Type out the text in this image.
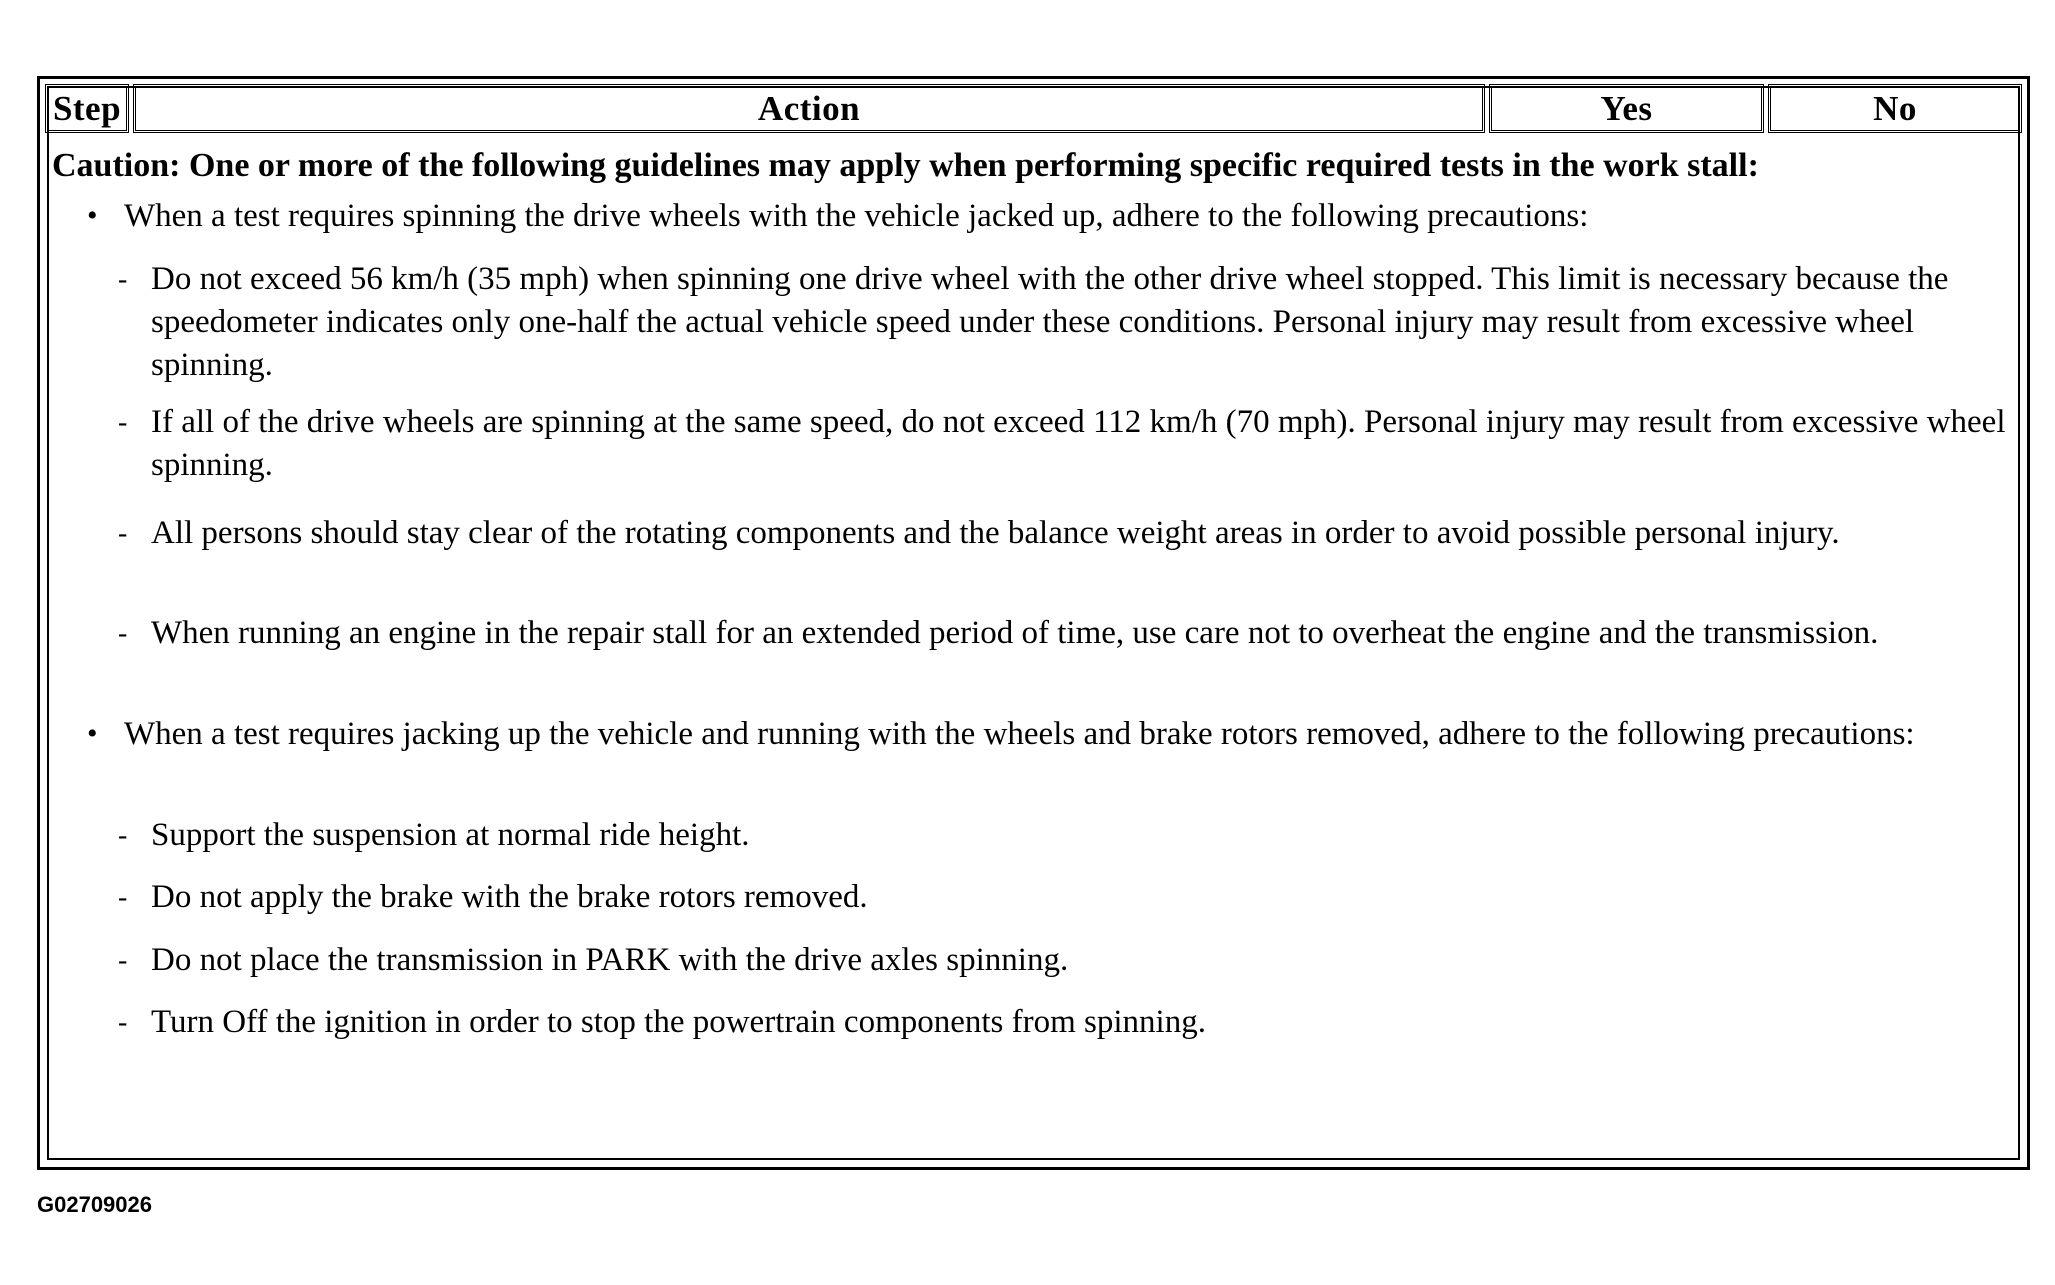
Step	Action	Yes	No

Caution: One or more of the following guidelines may apply when performing specific required tests in the work stall:

• When a test requires spinning the drive wheels with the vehicle jacked up, adhere to the following precautions:
- Do not exceed 56 km/h (35 mph) when spinning one drive wheel with the other drive wheel stopped. This limit is necessary because the speedometer indicates only one-half the actual vehicle speed under these conditions. Personal injury may result from excessive wheel spinning.
- If all of the drive wheels are spinning at the same speed, do not exceed 112 km/h (70 mph). Personal injury may result from excessive wheel spinning.
- All persons should stay clear of the rotating components and the balance weight areas in order to avoid possible personal injury.
- When running an engine in the repair stall for an extended period of time, use care not to overheat the engine and the transmission.
• When a test requires jacking up the vehicle and running with the wheels and brake rotors removed, adhere to the following precautions:
- Support the suspension at normal ride height.
- Do not apply the brake with the brake rotors removed.
- Do not place the transmission in PARK with the drive axles spinning.
- Turn Off the ignition in order to stop the powertrain components from spinning.
G02709026
